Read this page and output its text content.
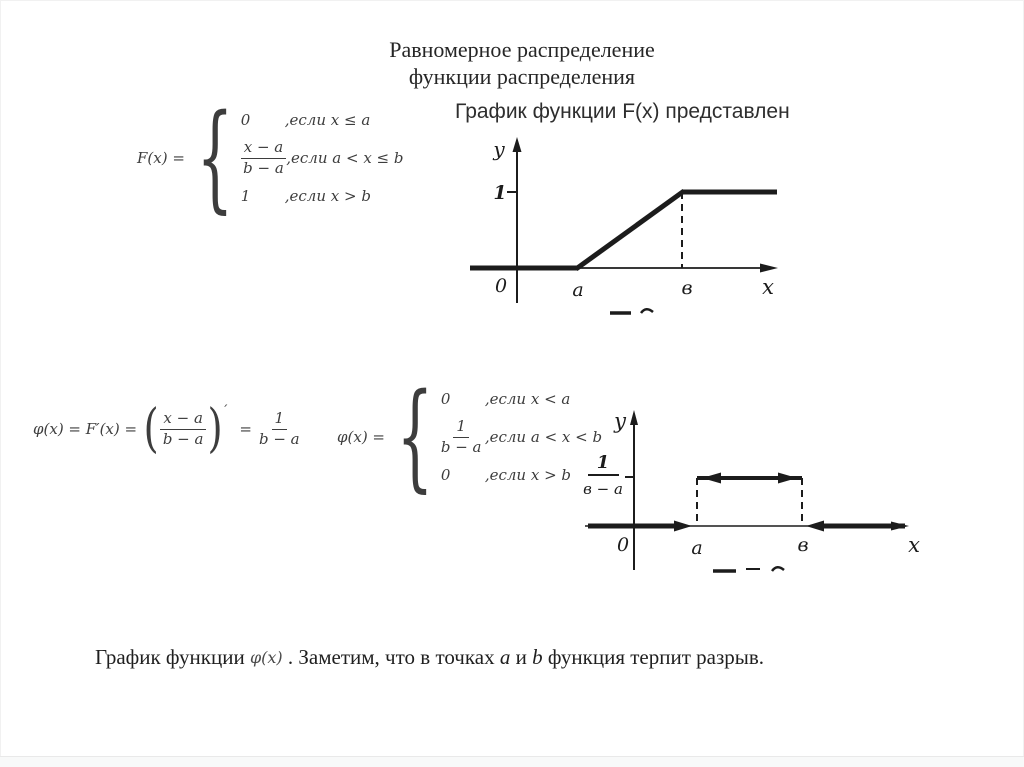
Равномерное распределение
функции распределения
График функции F(x) представлен
F(x) = { 0	,если x ≤ a
$\frac{x - a}{b - a}$ ,если a < x ≤ b
1	,если x > b
y
1
0	a	в	x
φ(x) = F′(x) = ( $\frac{x - a}{b - a}$ ) ′
= $\frac{1}{b - a} \varphi(x)$ = { 0	,если x < a
$\frac{1}{b - a}$ ,если a < x < b
0	,если x > b
1
в − a
y
0	a	в	x
График функции φ(x) . Заметим, что в точках a и b функция терпит разрыв.
